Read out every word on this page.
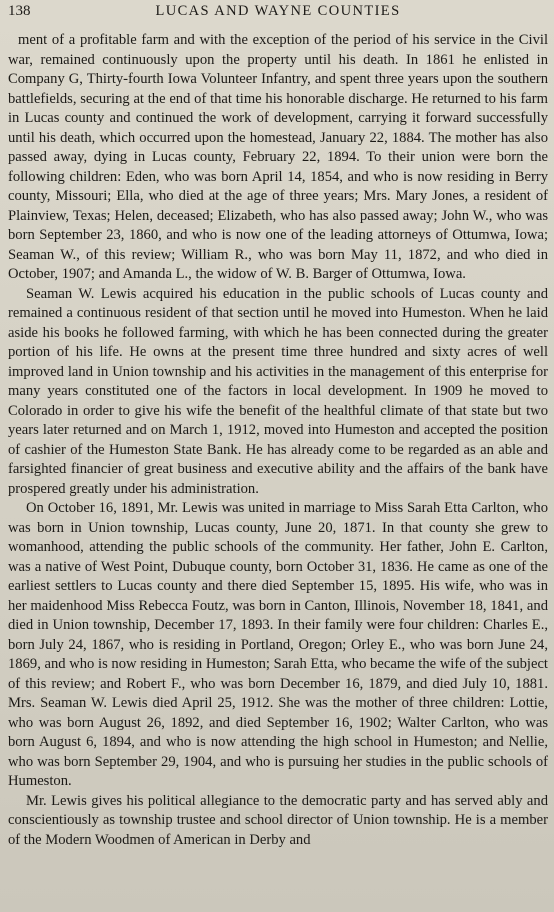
138	LUCAS AND WAYNE COUNTIES

ment of a profitable farm and with the exception of the period of his service in the Civil war, remained continuously upon the property until his death. In 1861 he enlisted in Company G, Thirty-fourth Iowa Volunteer Infantry, and spent three years upon the southern battlefields, securing at the end of that time his honorable discharge. He returned to his farm in Lucas county and continued the work of development, carrying it forward successfully until his death, which occurred upon the homestead, January 22, 1884. The mother has also passed away, dying in Lucas county, February 22, 1894. To their union were born the following children: Eden, who was born April 14, 1854, and who is now residing in Berry county, Missouri; Ella, who died at the age of three years; Mrs. Mary Jones, a resident of Plainview, Texas; Helen, deceased; Elizabeth, who has also passed away; John W., who was born September 23, 1860, and who is now one of the leading attorneys of Ottumwa, Iowa; Seaman W., of this review; William R., who was born May 11, 1872, and who died in October, 1907; and Amanda L., the widow of W. B. Barger of Ottumwa, Iowa.

Seaman W. Lewis acquired his education in the public schools of Lucas county and remained a continuous resident of that section until he moved into Humeston. When he laid aside his books he followed farming, with which he has been connected during the greater portion of his life. He owns at the present time three hundred and sixty acres of well improved land in Union township and his activities in the management of this enterprise for many years constituted one of the factors in local development. In 1909 he moved to Colorado in order to give his wife the benefit of the healthful climate of that state but two years later returned and on March 1, 1912, moved into Humeston and accepted the position of cashier of the Humeston State Bank. He has already come to be regarded as an able and farsighted financier of great business and executive ability and the affairs of the bank have prospered greatly under his administration.

On October 16, 1891, Mr. Lewis was united in marriage to Miss Sarah Etta Carlton, who was born in Union township, Lucas county, June 20, 1871. In that county she grew to womanhood, attending the public schools of the community. Her father, John E. Carlton, was a native of West Point, Dubuque county, born October 31, 1836. He came as one of the earliest settlers to Lucas county and there died September 15, 1895. His wife, who was in her maidenhood Miss Rebecca Foutz, was born in Canton, Illinois, November 18, 1841, and died in Union township, December 17, 1893. In their family were four children: Charles E., born July 24, 1867, who is residing in Portland, Oregon; Orley E., who was born June 24, 1869, and who is now residing in Humeston; Sarah Etta, who became the wife of the subject of this review; and Robert F., who was born December 16, 1879, and died July 10, 1881. Mrs. Seaman W. Lewis died April 25, 1912. She was the mother of three children: Lottie, who was born August 26, 1892, and died September 16, 1902; Walter Carlton, who was born August 6, 1894, and who is now attending the high school in Humeston; and Nellie, who was born September 29, 1904, and who is pursuing her studies in the public schools of Humeston.

Mr. Lewis gives his political allegiance to the democratic party and has served ably and conscientiously as township trustee and school director of Union township. He is a member of the Modern Woodmen of American in Derby and
